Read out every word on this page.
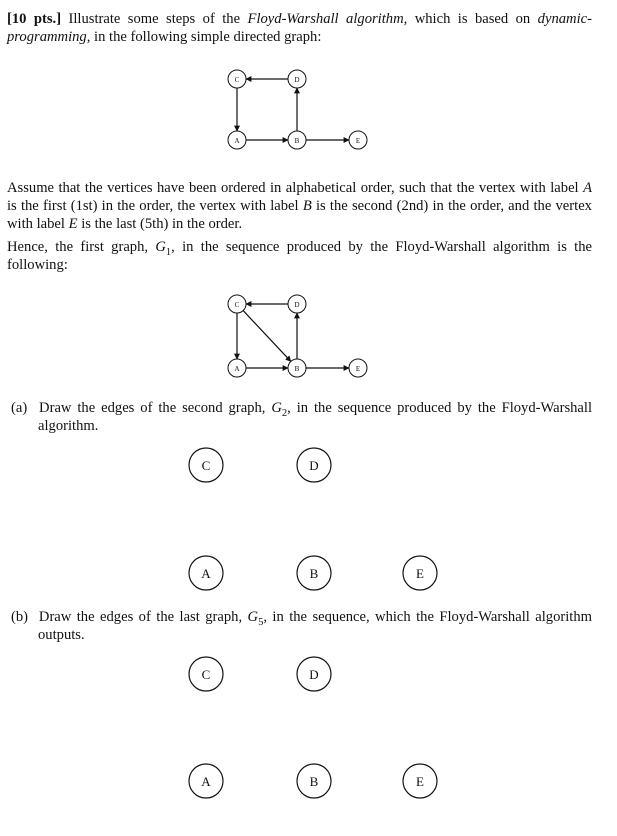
[10 pts.] Illustrate some steps of the Floyd-Warshall algorithm, which is based on dynamic-programming, in the following simple directed graph:
C	D
A	B	E
Assume that the vertices have been ordered in alphabetical order, such that the vertex with label A is the first (1st) in the order, the vertex with label B is the second (2nd) in the order, and the vertex with label E is the last (5th) in the order.
Hence, the first graph, $G_1$, in the sequence produced by the Floyd-Warshall algorithm is the following:
C	D
A	B	E
(a) Draw the edges of the second graph, $G_2$, in the sequence produced by the Floyd-Warshall algorithm.
C	D
A	B	E
(b) Draw the edges of the last graph, $G_5$, in the sequence, which the Floyd-Warshall algorithm outputs.
C	D
A	B	E
